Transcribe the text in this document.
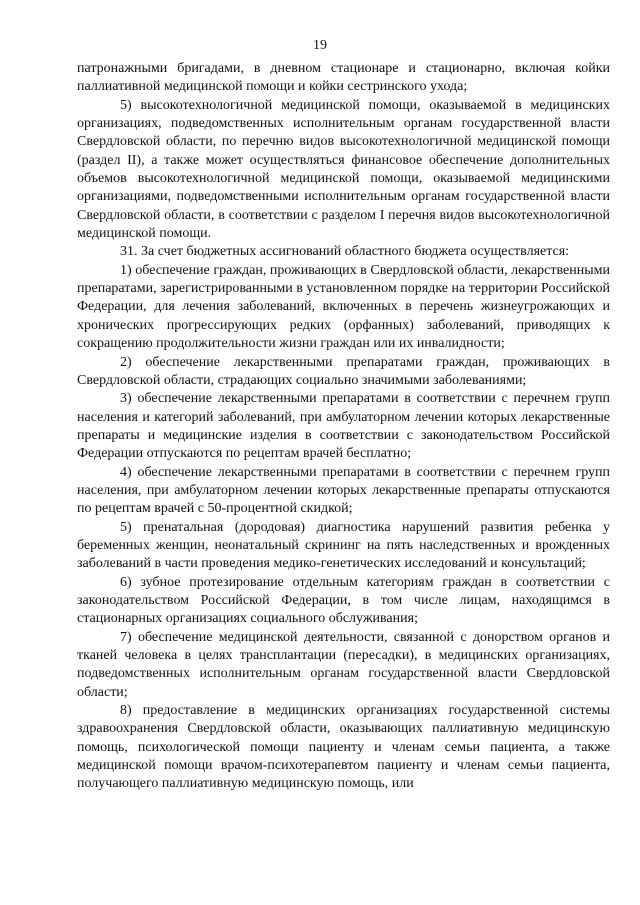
19

патронажными бригадами, в дневном стационаре и стационарно, включая койки паллиативной медицинской помощи и койки сестринского ухода;

5) высокотехнологичной медицинской помощи, оказываемой в медицинских организациях, подведомственных исполнительным органам государственной власти Свердловской области, по перечню видов высокотехнологичной медицинской помощи (раздел II), а также может осуществляться финансовое обеспечение дополнительных объемов высокотехнологичной медицинской помощи, оказываемой медицинскими организациями, подведомственными исполнительным органам государственной власти Свердловской области, в соответствии с разделом I перечня видов высокотехнологичной медицинской помощи.

31. За счет бюджетных ассигнований областного бюджета осуществляется:

1) обеспечение граждан, проживающих в Свердловской области, лекарственными препаратами, зарегистрированными в установленном порядке на территории Российской Федерации, для лечения заболеваний, включенных в перечень жизнеугрожающих и хронических прогрессирующих редких (орфанных) заболеваний, приводящих к сокращению продолжительности жизни граждан или их инвалидности;

2) обеспечение лекарственными препаратами граждан, проживающих в Свердловской области, страдающих социально значимыми заболеваниями;

3) обеспечение лекарственными препаратами в соответствии с перечнем групп населения и категорий заболеваний, при амбулаторном лечении которых лекарственные препараты и медицинские изделия в соответствии с законодательством Российской Федерации отпускаются по рецептам врачей бесплатно;

4) обеспечение лекарственными препаратами в соответствии с перечнем групп населения, при амбулаторном лечении которых лекарственные препараты отпускаются по рецептам врачей с 50-процентной скидкой;

5) пренатальная (дородовая) диагностика нарушений развития ребенка у беременных женщин, неонатальный скрининг на пять наследственных и врожденных заболеваний в части проведения медико-генетических исследований и консультаций;

6) зубное протезирование отдельным категориям граждан в соответствии с законодательством Российской Федерации, в том числе лицам, находящимся в стационарных организациях социального обслуживания;

7) обеспечение медицинской деятельности, связанной с донорством органов и тканей человека в целях трансплантации (пересадки), в медицинских организациях, подведомственных исполнительным органам государственной власти Свердловской области;

8) предоставление в медицинских организациях государственной системы здравоохранения Свердловской области, оказывающих паллиативную медицинскую помощь, психологической помощи пациенту и членам семьи пациента, а также медицинской помощи врачом-психотерапевтом пациенту и членам семьи пациента, получающего паллиативную медицинскую помощь, или
